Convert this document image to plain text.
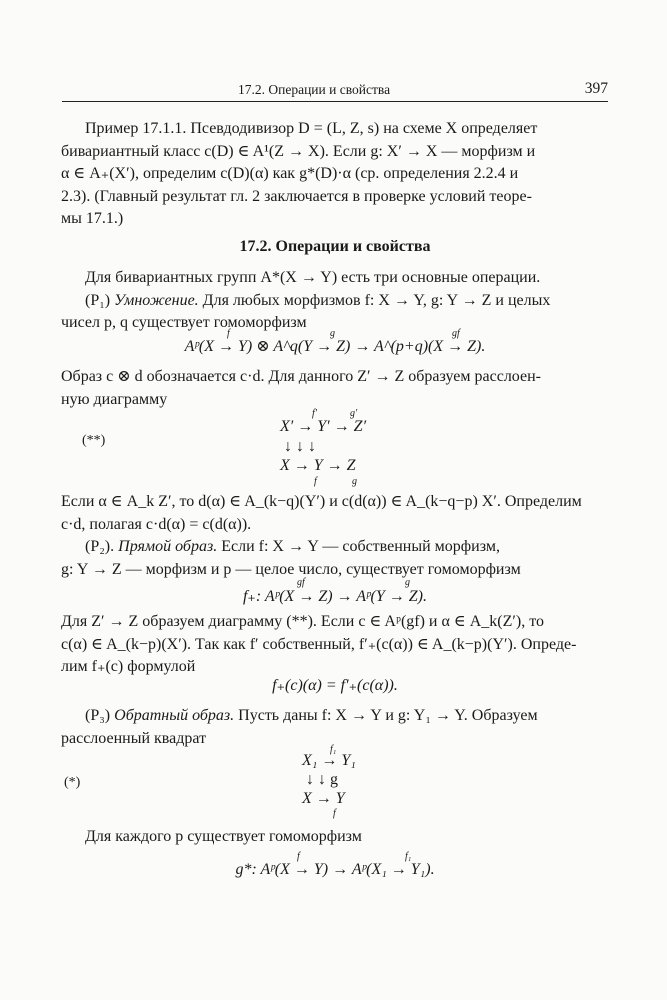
17.2. Операции и свойства	397

Пример 17.1.1. Псевдодивизор D = (L, Z, s) на схеме X определяет

бивариантный класс c(D) ∈ A¹(Z → X). Если g: X′ → X — морфизм и

α ∈ A₊(X′), определим c(D)(α) как g*(D)·α (ср. определения 2.2.4 и

2.3). (Главный результат гл. 2 заключается в проверке условий теоре-

мы 17.1.)

17.2. Операции и свойства

Для бивариантных групп A*(X → Y) есть три основные операции.

(P₁) Умножение. Для любых морфизмов f: X → Y, g: Y → Z и целых

чисел p, q существует гомоморфизм

Aᵖ(X → Y) ⊗ A^q(Y → Z) → A^(p+q)(X → Z).
f	g	gf

Образ c ⊗ d обозначается c·d. Для данного Z′ → Z образуем расслоен-

ную диаграмму

(**)
X′ → Y′ → Z′
f′	g′
↓ ↓ ↓
X → Y → Z
f	g

Если α ∈ A_k Z′, то d(α) ∈ A_(k−q)(Y′) и c(d(α)) ∈ A_(k−q−p) X′. Определим

c·d, полагая c·d(α) = c(d(α)).

(P₂). Прямой образ. Если f: X → Y — собственный морфизм,

g: Y → Z — морфизм и p — целое число, существует гомоморфизм

f₊: Aᵖ(X → Z) → Aᵖ(Y → Z).
gf	g

Для Z′ → Z образуем диаграмму (**). Если c ∈ Aᵖ(gf) и α ∈ A_k(Z′), то

c(α) ∈ A_(k−p)(X′). Так как f′ собственный, f′₊(c(α)) ∈ A_(k−p)(Y′). Опреде-

лим f₊(c) формулой

f₊(c)(α) = f′₊(c(α)).

(P₃) Обратный образ. Пусть даны f: X → Y и g: Y₁ → Y. Образуем

расслоенный квадрат

(*)
f₁
X₁ → Y₁
↓ ↓ g
X → Y
f

Для каждого p существует гомоморфизм

g*: Aᵖ(X → Y) → Aᵖ(X₁ → Y₁).
f	f₁
